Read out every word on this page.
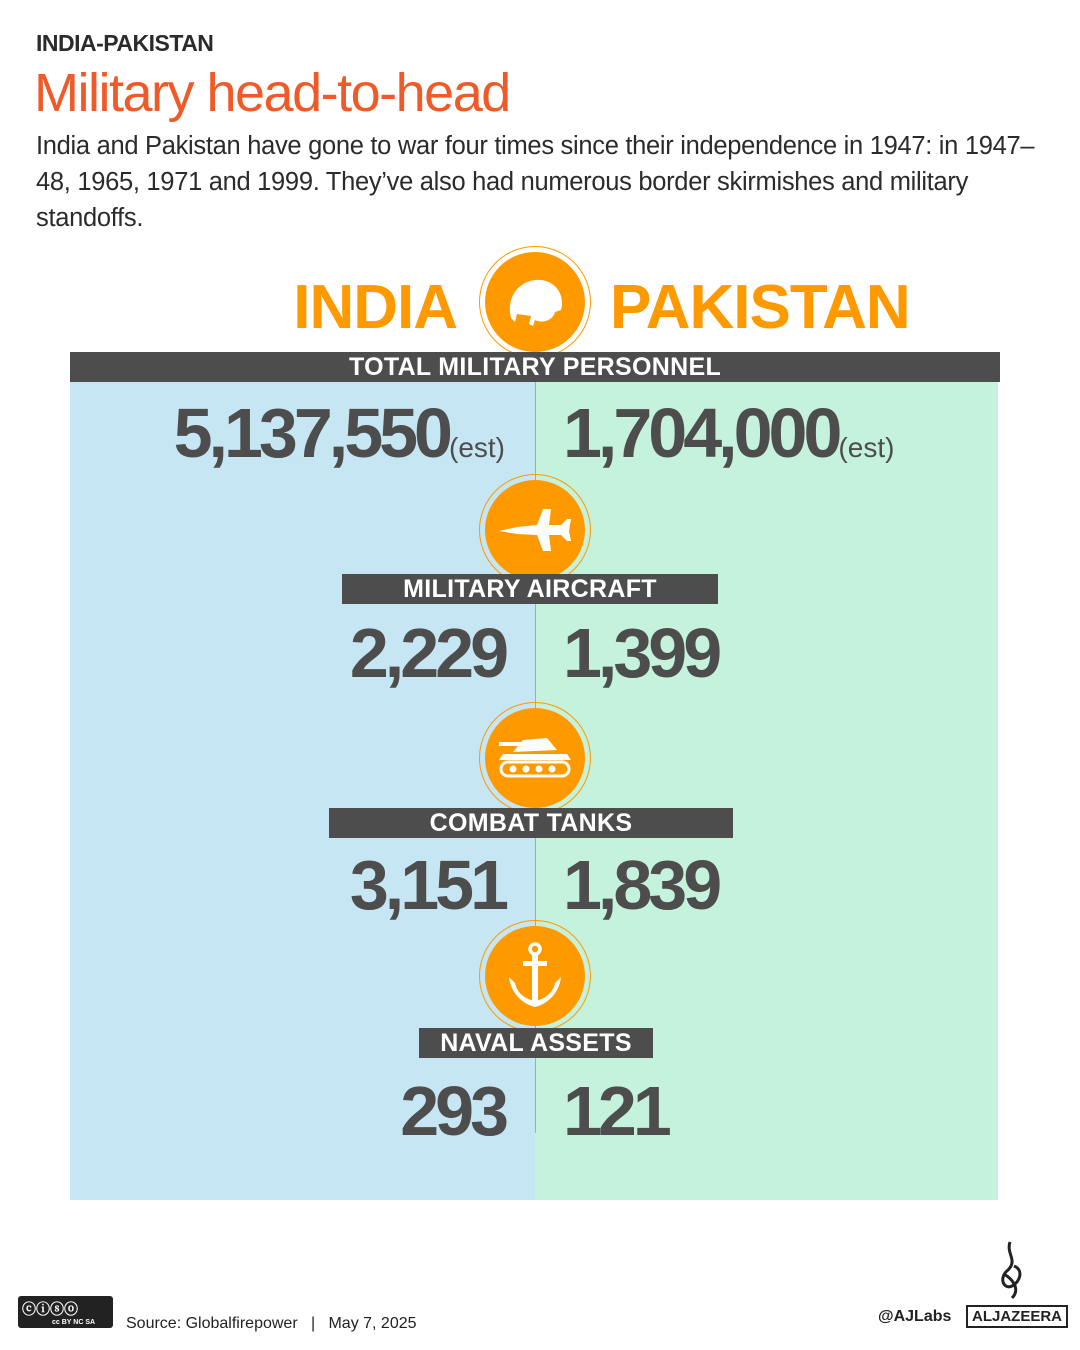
INDIA-PAKISTAN
Military head-to-head
India and Pakistan have gone to war four times since their independence in 1947: in 1947–48, 1965, 1971 and 1999. They’ve also had numerous border skirmishes and military standoffs.
INDIA PAKISTAN
TOTAL MILITARY PERSONNEL
5,137,550(est) 1,704,000(est)
MILITARY AIRCRAFT
2,229 1,399
COMBAT TANKS
3,151 1,839
NAVAL ASSETS
293 121
ⓒⓘⓢⓞ
cc BY NC SA Source: Globalfirepower   |   May 7, 2025	@AJLabs	ALJAZEERA
